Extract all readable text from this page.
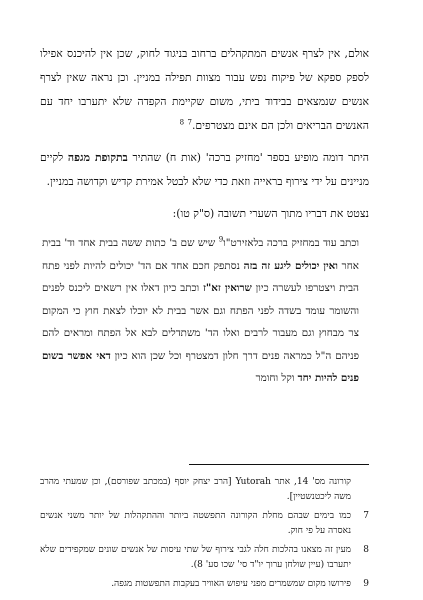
אולם, אין לצרף אנשים המתקהלים ברחוב בניגוד לחוק, שכן אין להיכנס אפילו לספק ספקא של פיקוח נפש עבור מצוות תפילה במניין. וכן נראה שאין לצרף אנשים שנמצאים בבידוד ביתי, משום שקיימת הקפדה שלא יתערבו יחד עם האנשים הבריאים ולכן הם אינם מצטרפים.$^7$ $^8$

היתר דומה מופיע בספר 'מחזיק ברכה' (אות ח) שהתיר בתקופת מגפה לקיים מניינים על ידי צירוף בראייה וזאת כדי שלא לבטל אמירת קדיש וקדושה במניין.

נצטט את דבריו מתוך השערי תשובה (ס"ק טו):

וכתב עוד במחזיק ברכה בלאזירט"ו$^9$ שיש שם ב' כתות ששה בבית אחד וד' בבית אחר ואין יכולים ליגע זה בזה נסתפק חכם אחד אם הד' יכולים להיות לפני פתח הבית ויצטרפו לעשרה כיון שרואין זא"ז וכתב כיון דאלו אין רשאים ליכנס לפנים והשומר עומד בשדה לפני הפתח וגם אשר בבית לא יוכלו לצאת חוץ כי המקום צר מבחוץ וגם מעבור לרבים ואלו הד' משתדלים לבא אל הפתח ומראים להם פניהם ה"ל כמראה פנים דרך חלון דמצטרף וכל שכן הוא כיון דאי אפשר בשום פנים להיות יחד וקל וחומר

קורונה מס' 14, אתר Yutorah [הרב יצחק יוסף (במכתב שפורסם), וכן שמעתי מהרב משה ליכטנשטיין].
7
כמו בימים שבהם מחלת הקורונה התפשטה ביותר וההתקהלות של יותר משני אנשים נאסרה על פי חוק.
8
מעין זה מצאנו בהלכות חלה לגבי צירוף של שתי עיסות של אנשים שונים שמקפידים שלא יתערבו (עיין שולחן ערוך יו"ד סי' שכו סע' 8).
9
פירושו מקום שמשמרים מפני עיפוש האוויר בעקבות התפשטות מגפה.
